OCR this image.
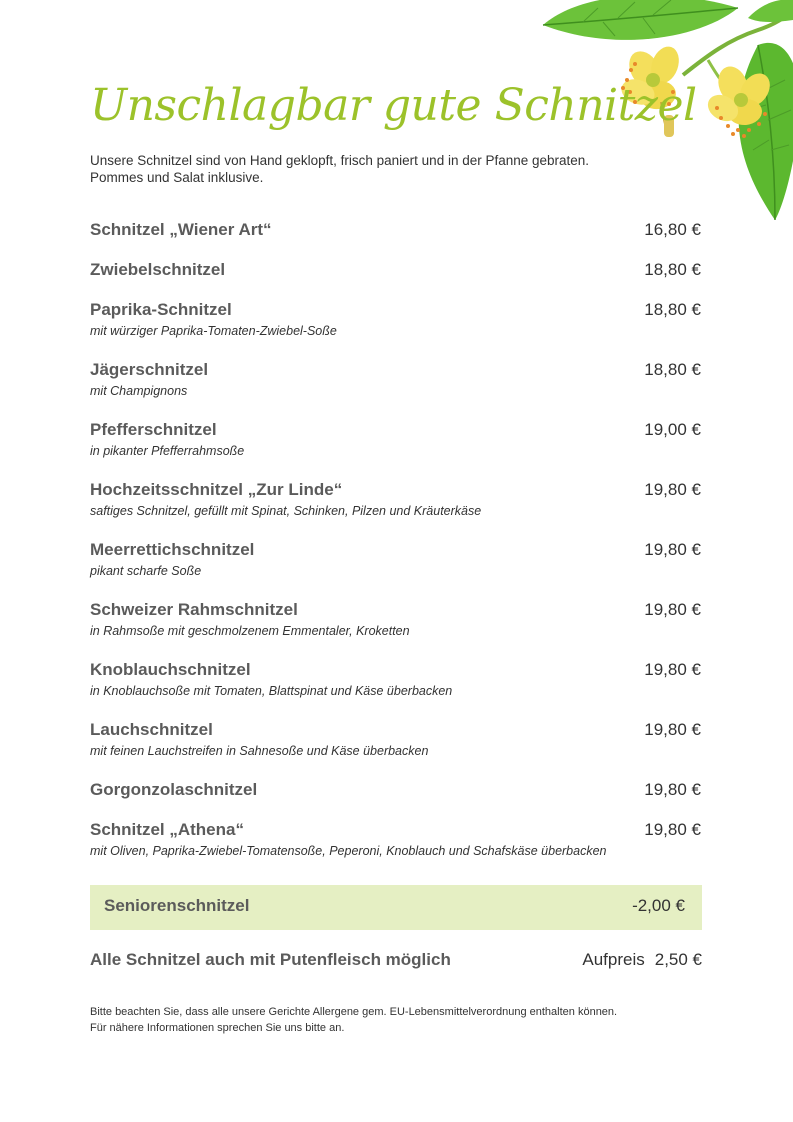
Unschlagbar gute Schnitzel
Unsere Schnitzel sind von Hand geklopft, frisch paniert und in der Pfanne gebraten.
Pommes und Salat inklusive.
Schnitzel „Wiener Art“	16,80 €
Zwiebelschnitzel	18,80 €
Paprika-Schnitzel	18,80 €
mit würziger Paprika-Tomaten-Zwiebel-Soße
Jägerschnitzel	18,80 €
mit Champignons
Pfefferschnitzel	19,00 €
in pikanter Pfefferrahmsoße
Hochzeitsschnitzel „Zur Linde“	19,80 €
saftiges Schnitzel, gefüllt mit Spinat, Schinken, Pilzen und Kräuterkäse
Meerrettichschnitzel	19,80 €
pikant scharfe Soße
Schweizer Rahmschnitzel	19,80 €
in Rahmsoße mit geschmolzenem Emmentaler, Kroketten
Knoblauchschnitzel	19,80 €
in Knoblauchsoße mit Tomaten, Blattspinat und Käse überbacken
Lauchschnitzel	19,80 €
mit feinen Lauchstreifen in Sahnesoße und Käse überbacken
Gorgonzolaschnitzel	19,80 €
Schnitzel „Athena“	19,80 €
mit Oliven, Paprika-Zwiebel-Tomatensoße, Peperoni, Knoblauch und Schafskäse überbacken
Seniorenschnitzel	-2,00 €
Alle Schnitzel auch mit Putenfleisch möglich	Aufpreis 2,50 €
Bitte beachten Sie, dass alle unsere Gerichte Allergene gem. EU-Lebensmittelverordnung enthalten können.
Für nähere Informationen sprechen Sie uns bitte an.
